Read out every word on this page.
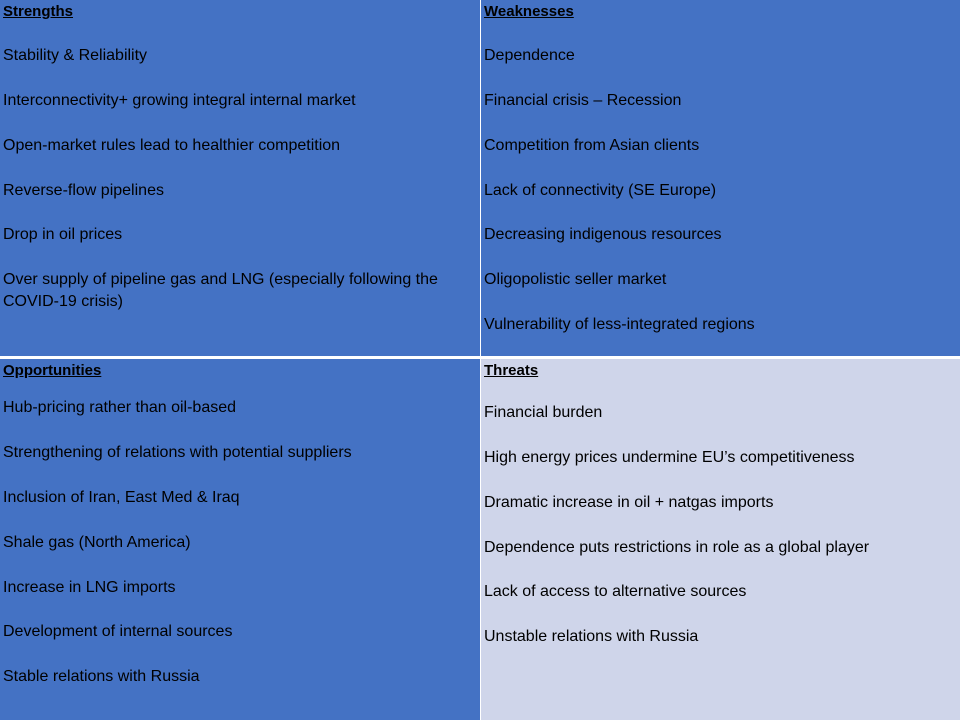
Strengths
Stability & Reliability
Interconnectivity+ growing integral internal market
Open-market rules lead to healthier competition
Reverse-flow pipelines
Drop in oil prices
Over supply of pipeline gas and LNG (especially following the COVID-19 crisis)
Weaknesses
Dependence
Financial crisis – Recession
Competition from Asian clients
Lack of connectivity (SE Europe)
Decreasing indigenous resources
Oligopolistic seller market
Vulnerability of less-integrated regions
Opportunities
Hub-pricing rather than oil-based
Strengthening of relations with potential suppliers
Inclusion of Iran, East Med & Iraq
Shale gas (North America)
Increase in LNG imports
Development of internal sources
Stable relations with Russia
Threats
Financial burden
High energy prices undermine EU’s competitiveness
Dramatic increase in oil + natgas imports
Dependence puts restrictions in role as a global player
Lack of access to alternative sources
Unstable relations with Russia
